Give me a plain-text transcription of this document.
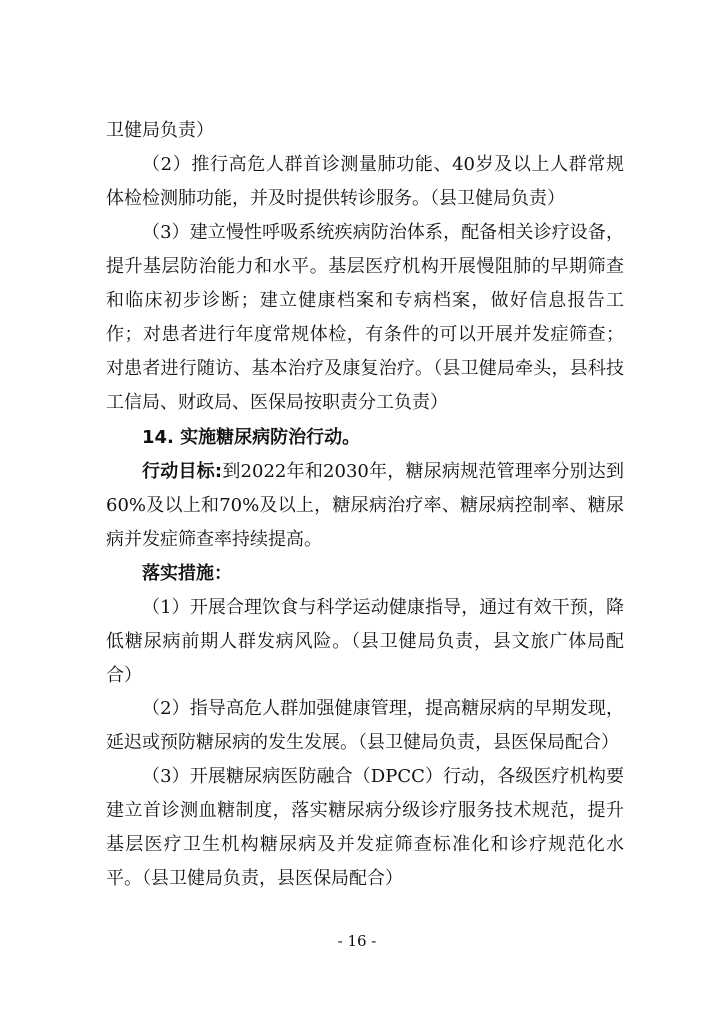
卫健局负责）

（2）推行高危人群首诊测量肺功能、40岁及以上人群常规体检检测肺功能，并及时提供转诊服务。（县卫健局负责）

（3）建立慢性呼吸系统疾病防治体系，配备相关诊疗设备，提升基层防治能力和水平。基层医疗机构开展慢阻肺的早期筛查和临床初步诊断；建立健康档案和专病档案，做好信息报告工作；对患者进行年度常规体检，有条件的可以开展并发症筛查；对患者进行随访、基本治疗及康复治疗。（县卫健局牵头，县科技工信局、财政局、医保局按职责分工负责）

14. 实施糖尿病防治行动。

行动目标:到2022年和2030年，糖尿病规范管理率分别达到60%及以上和70%及以上，糖尿病治疗率、糖尿病控制率、糖尿病并发症筛查率持续提高。

落实措施：

（1）开展合理饮食与科学运动健康指导，通过有效干预，降低糖尿病前期人群发病风险。（县卫健局负责，县文旅广体局配合）

（2）指导高危人群加强健康管理，提高糖尿病的早期发现，延迟或预防糖尿病的发生发展。（县卫健局负责，县医保局配合）

（3）开展糖尿病医防融合（DPCC）行动，各级医疗机构要建立首诊测血糖制度，落实糖尿病分级诊疗服务技术规范，提升基层医疗卫生机构糖尿病及并发症筛查标准化和诊疗规范化水平。（县卫健局负责，县医保局配合）

- 16 -
